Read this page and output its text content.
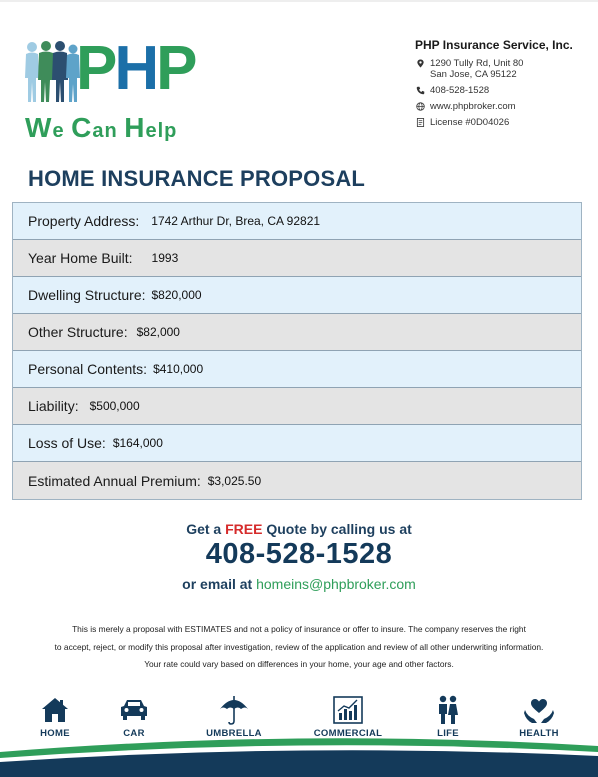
PHP
We Can Help
PHP Insurance Service, Inc.
1290 Tully Rd, Unit 80
San Jose, CA 95122
408-528-1528
www.phpbroker.com
License #0D04026
HOME INSURANCE PROPOSAL
Property Address: 1742 Arthur Dr, Brea, CA 92821
Year Home Built: 1993
Dwelling Structure: $820,000
Other Structure: $82,000
Personal Contents: $410,000
Liability: $500,000
Loss of Use: $164,000
Estimated Annual Premium: $3,025.50
Get a FREE Quote by calling us at
408-528-1528
or email at homeins@phpbroker.com
This is merely a proposal with ESTIMATES and not a policy of insurance or offer to insure. The company reserves the right
to accept, reject, or modify this proposal after investigation, review of the application and review of all other underwriting information.
Your rate could vary based on differences in your home, your age and other factors.
HOME	CAR	UMBRELLA	COMMERCIAL	LIFE	HEALTH
